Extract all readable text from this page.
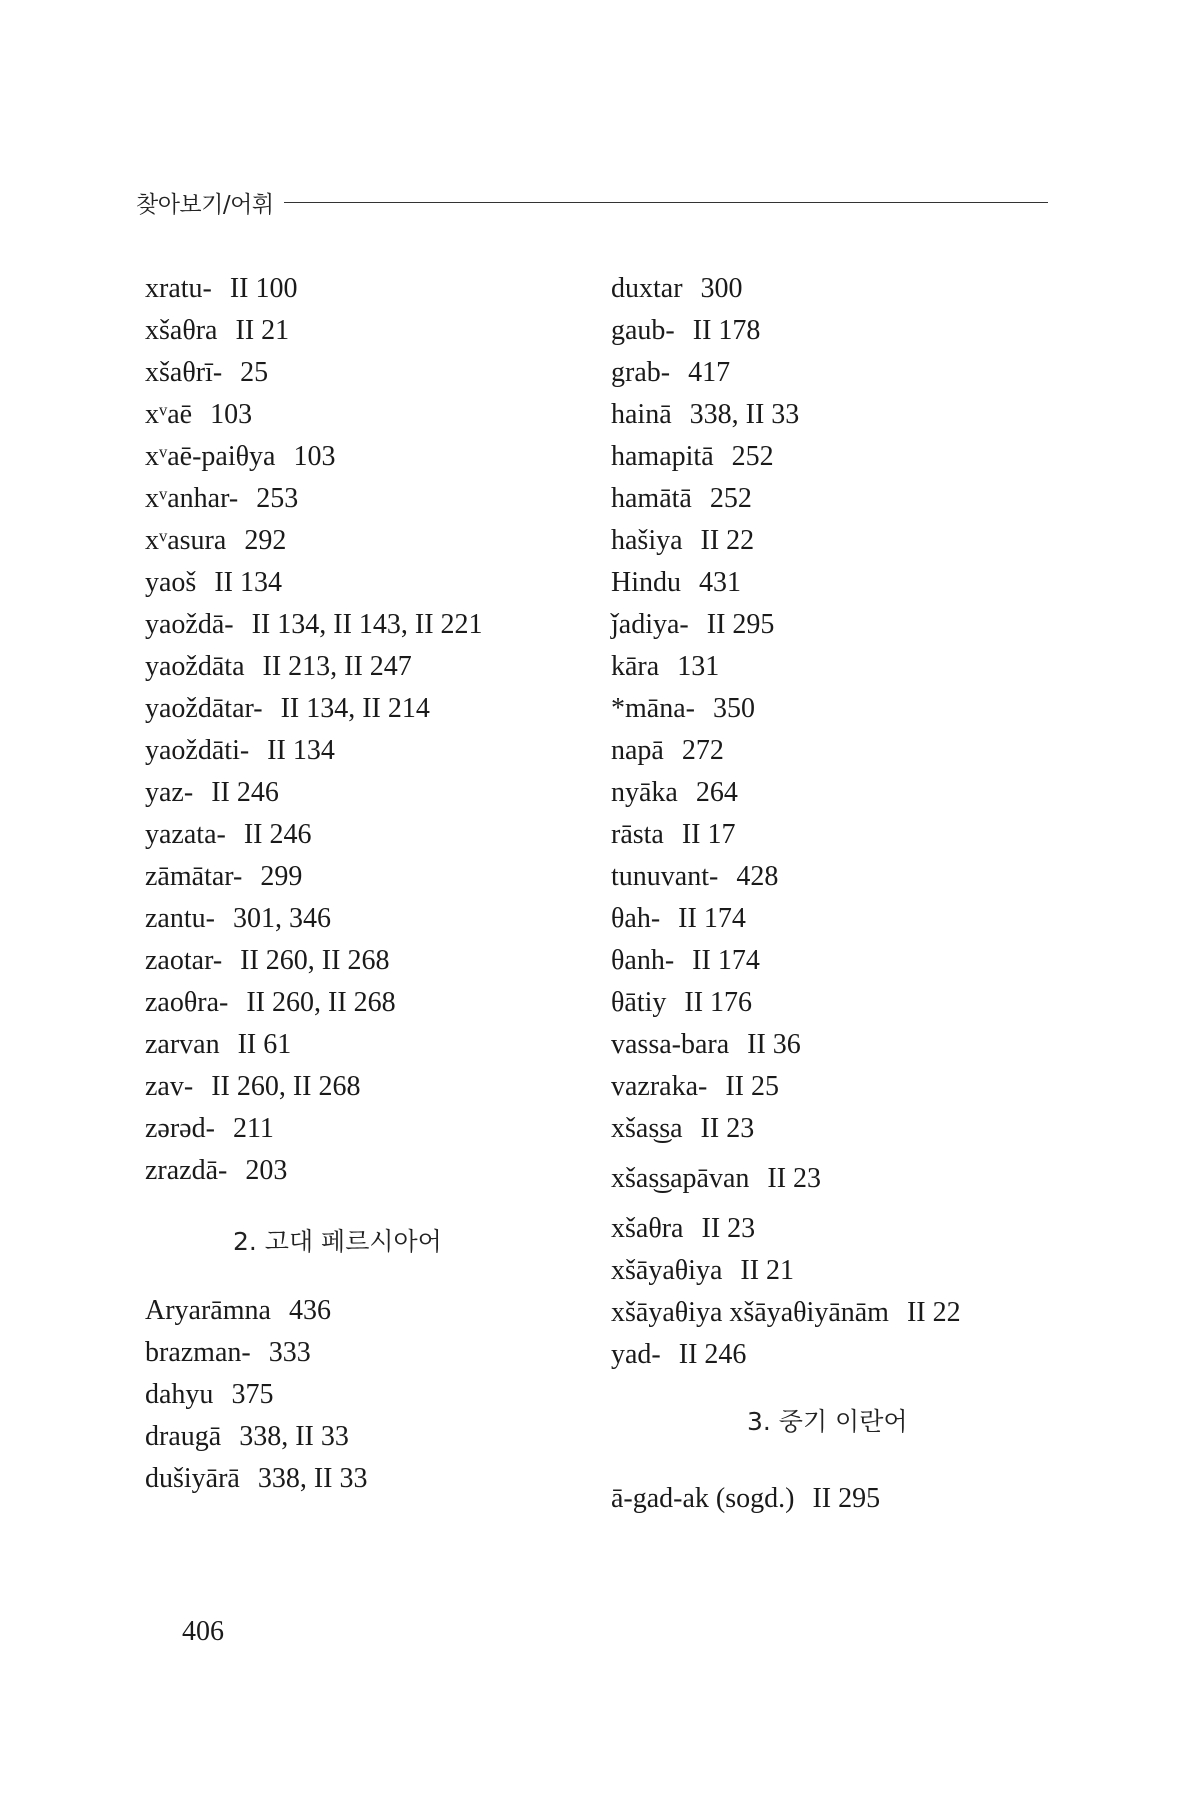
찾아보기/어휘
xratu- II 100
xšaθra II 21
xšaθrī- 25
xᵛaē 103
xᵛaē-paiθya 103
xᵛanhar- 253
xᵛasura 292
yaoš II 134
yaoždā- II 134, II 143, II 221
yaoždāta II 213, II 247
yaoždātar- II 134, II 214
yaoždāti- II 134
yaz- II 246
yazata- II 246
zāmātar- 299
zantu- 301, 346
zaotar- II 260, II 268
zaoθra- II 260, II 268
zarvan II 61
zav- II 260, II 268
zərəd- 211
zrazdā- 203
2. 고대 페르시아어
Aryarāmna 436
brazman- 333
dahyu 375
draugā 338, II 33
dušiyārā 338, II 33
duxtar 300
gaub- II 178
grab- 417
hainā 338, II 33
hamapitā 252
hamātā 252
hašiya II 22
Hindu 431
ǰadiya- II 295
kāra 131
*māna- 350
napā 272
nyāka 264
rāsta II 17
tunuvant- 428
θah- II 174
θanh- II 174
θātiy II 176
vassa-bara II 36
vazraka- II 25
xšas͜sa II 23
xšas͜sapāvan II 23
xšaθra II 23
xšāyaθiya II 21
xšāyaθiya xšāyaθiyānām II 22
yad- II 246
3. 중기 이란어
ā-gad-ak (sogd.) II 295
406
